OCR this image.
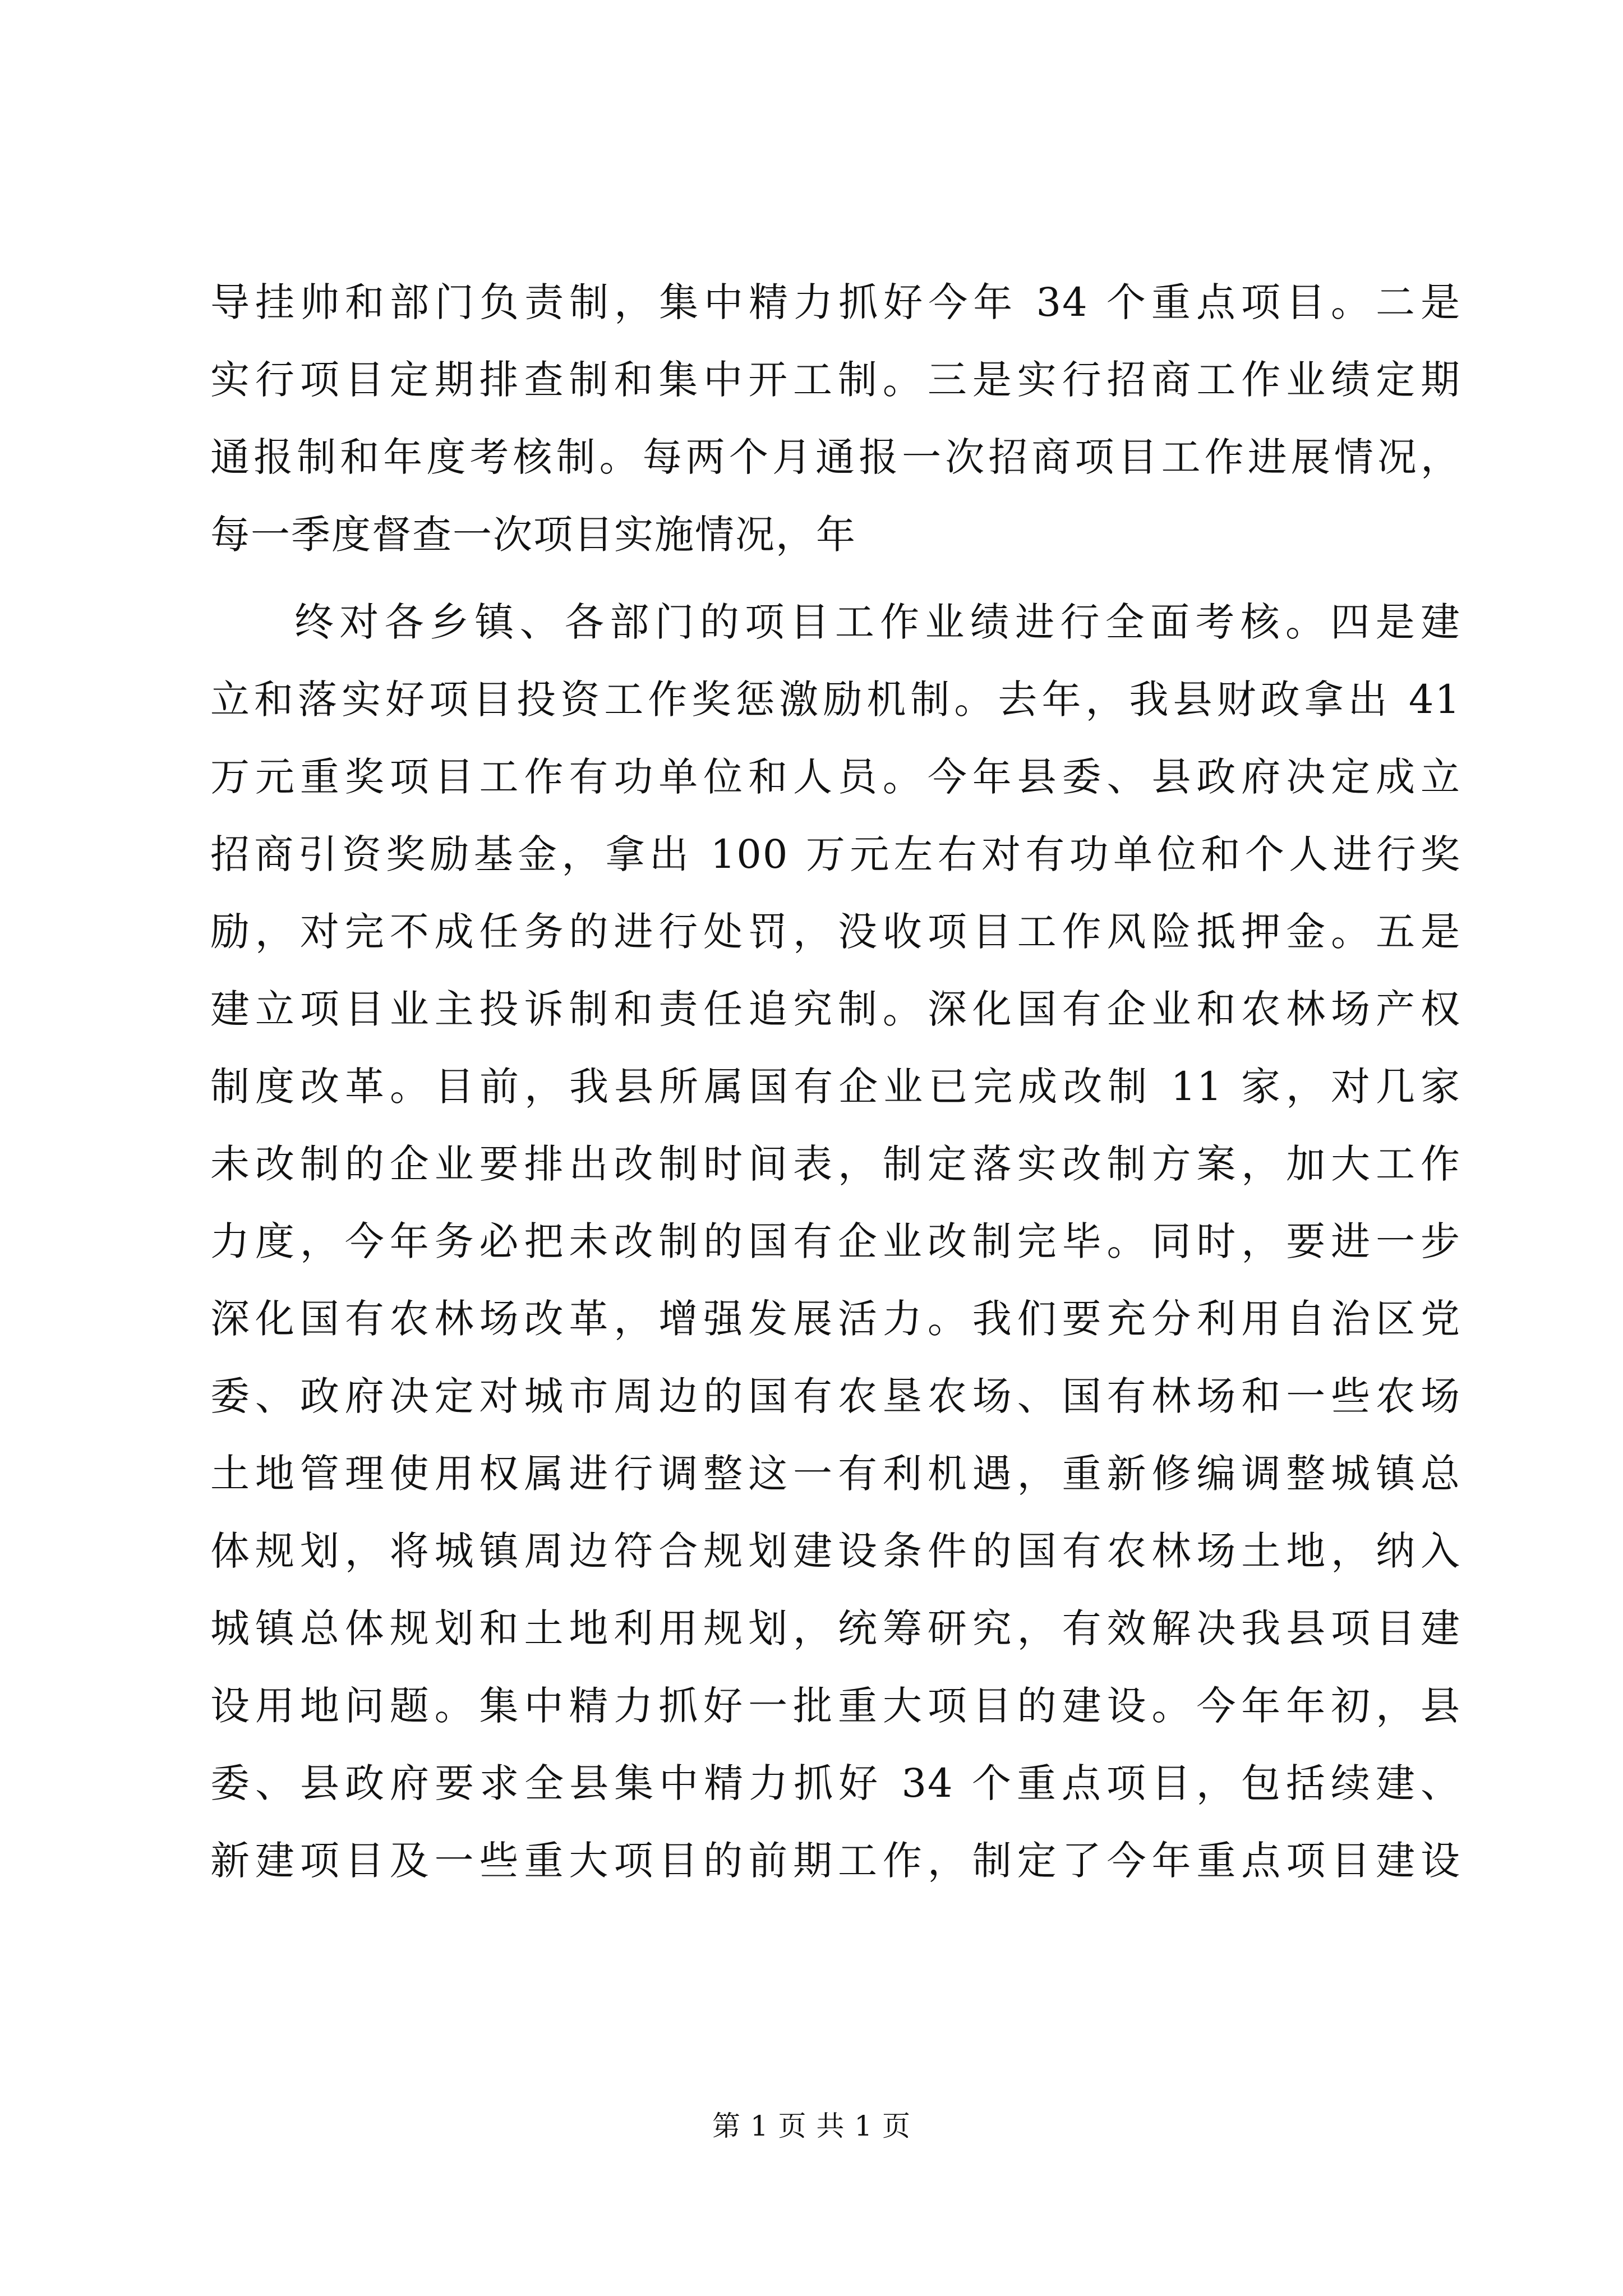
导挂帅和部门负责制，集中精力抓好今年 34 个重点项目。二是
实行项目定期排查制和集中开工制。三是实行招商工作业绩定期
通报制和年度考核制。每两个月通报一次招商项目工作进展情况，
每一季度督查一次项目实施情况，年
终对各乡镇、各部门的项目工作业绩进行全面考核。四是建
立和落实好项目投资工作奖惩激励机制。去年，我县财政拿出 41
万元重奖项目工作有功单位和人员。今年县委、县政府决定成立
招商引资奖励基金，拿出 100 万元左右对有功单位和个人进行奖
励，对完不成任务的进行处罚，没收项目工作风险抵押金。五是
建立项目业主投诉制和责任追究制。深化国有企业和农林场产权
制度改革。目前，我县所属国有企业已完成改制 11 家，对几家
未改制的企业要排出改制时间表，制定落实改制方案，加大工作
力度，今年务必把未改制的国有企业改制完毕。同时，要进一步
深化国有农林场改革，增强发展活力。我们要充分利用自治区党
委、政府决定对城市周边的国有农垦农场、国有林场和一些农场
土地管理使用权属进行调整这一有利机遇，重新修编调整城镇总
体规划，将城镇周边符合规划建设条件的国有农林场土地，纳入
城镇总体规划和土地利用规划，统筹研究，有效解决我县项目建
设用地问题。集中精力抓好一批重大项目的建设。今年年初，县
委、县政府要求全县集中精力抓好 34 个重点项目，包括续建、
新建项目及一些重大项目的前期工作，制定了今年重点项目建设
第 1 页 共 1 页
